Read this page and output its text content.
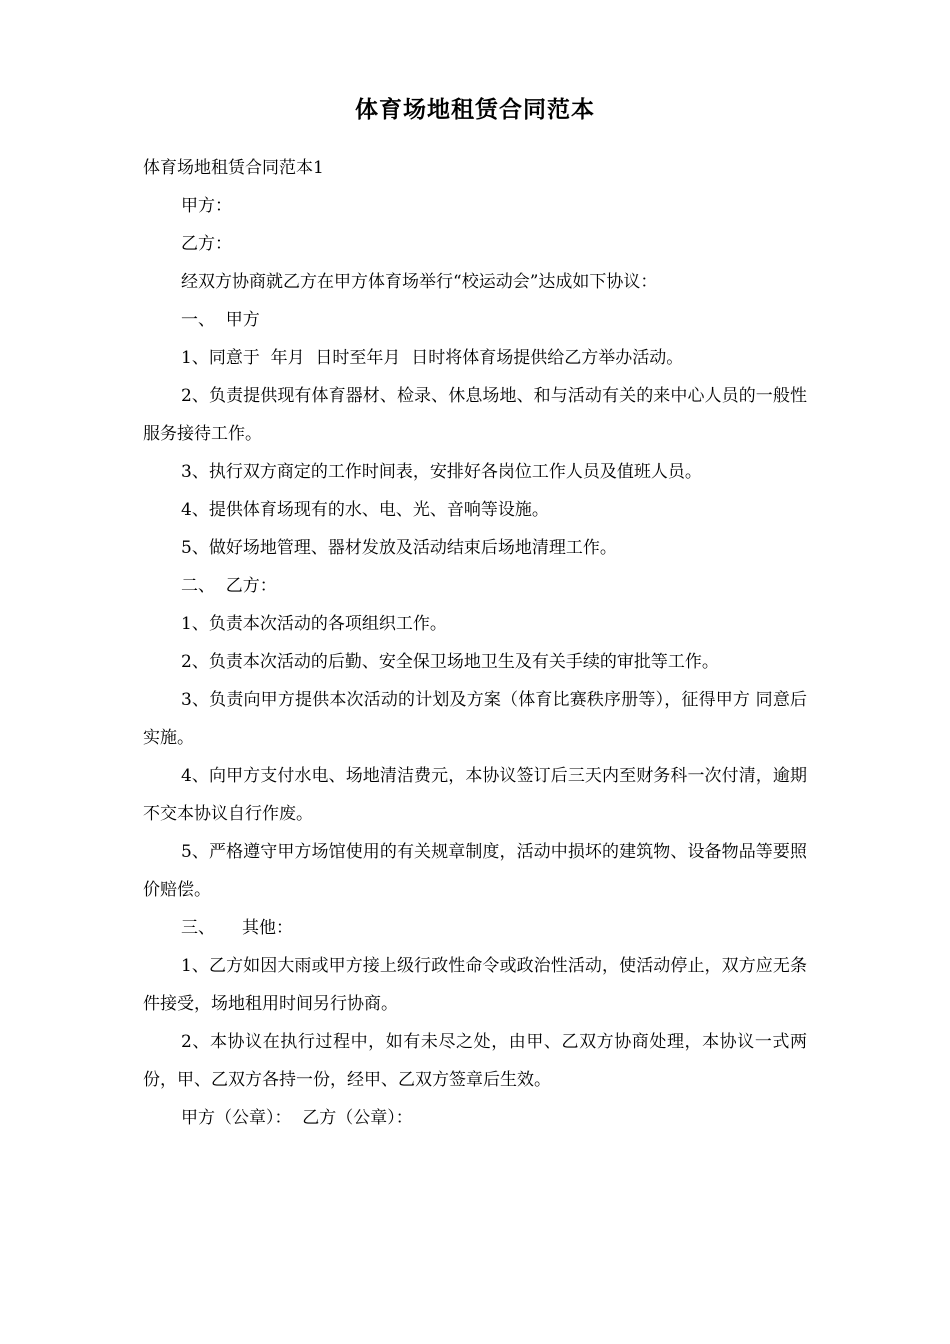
体育场地租赁合同范本

体育场地租赁合同范本1

甲方：

乙方：

经双方协商就乙方在甲方体育场举行“校运动会”达成如下协议：

一、  甲方

1、同意于  年月  日时至年月  日时将体育场提供给乙方举办活动。

2、负责提供现有体育器材、检录、休息场地、和与活动有关的来中心人员的一般性服务接待工作。

3、执行双方商定的工作时间表，安排好各岗位工作人员及值班人员。

4、提供体育场现有的水、电、光、音响等设施。

5、做好场地管理、器材发放及活动结束后场地清理工作。

二、  乙方：

1、负责本次活动的各项组织工作。

2、负责本次活动的后勤、安全保卫场地卫生及有关手续的审批等工作。

3、负责向甲方提供本次活动的计划及方案（体育比赛秩序册等），征得甲方 同意后实施。

4、向甲方支付水电、场地清洁费元，本协议签订后三天内至财务科一次付清，逾期不交本协议自行作废。

5、严格遵守甲方场馆使用的有关规章制度，活动中损坏的建筑物、设备物品等要照价赔偿。

三、     其他：

1、乙方如因大雨或甲方接上级行政性命令或政治性活动，使活动停止，双方应无条件接受，场地租用时间另行协商。

2、本协议在执行过程中，如有未尽之处，由甲、乙双方协商处理，本协议一式两份，甲、乙双方各持一份，经甲、乙双方签章后生效。

甲方（公章）：  乙方（公章）：
